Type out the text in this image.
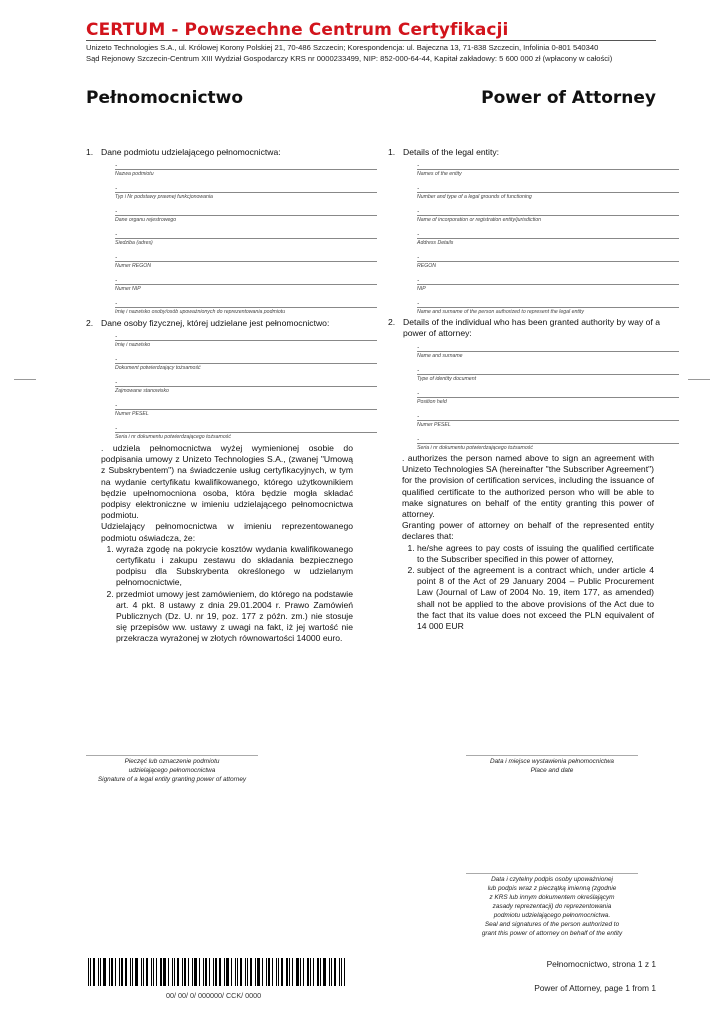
CERTUM - Powszechne Centrum Certyfikacji
Unizeto Technologies S.A., ul. Królowej Korony Polskiej 21, 70-486 Szczecin; Korespondencja: ul. Bajeczna 13, 71-838 Szczecin, Infolinia 0-801 540340
Sąd Rejonowy Szczecin-Centrum XIII Wydział Gospodarczy KRS nr 0000233499, NIP: 852-000-64-44, Kapitał zakładowy: 5 600 000 zł (wpłacony w całości)
Pełnomocnictwo	Power of Attorney
1. Dane podmiotu udzielającego pełnomocnictwa:
.
Nazwa podmiotu
.
Typ i Nr podstawy prawnej funkcjonowania
.
Dane organu rejestrowego
.
Siedziba (adres)
.
Numer REGON
.
Numer NIP
.
Imię i nazwisko osoby/osób upoważnionych do reprezentowania podmiotu
2. Dane osoby fizycznej, której udzielane jest pełnomocnictwo:
.
Imię i nazwisko
.
Dokument potwierdzający tożsamość
.
Zajmowane stanowisko
.
Numer PESEL
.
Seria i nr dokumentu potwierdzającego tożsamość
1. Details of the legal entity:
.
Names of the entity
.
Number and type of a legal grounds of functioning
.
Name of incorporation or registration entity/jurisdiction
.
Address Details
.
REGON
.
NIP
.
Name and surname of the person authorized to represent the legal entity
2. Details of the individual who has been granted authority by way of a power of attorney:
.
Name and surname
.
Type of identity document
.
Position held
.
Numer PESEL
.
Seria i nr dokumentu potwierdzającego tożsamość

. udziela pełnomocnictwa wyżej wymienionej osobie do podpisania umowy z Unizeto Technologies S.A., (zwanej "Umową z Subskrybentem") na świadczenie usług certyfikacyjnych, w tym na wydanie certyfikatu kwalifikowanego, którego użytkownikiem będzie upełnomocniona osoba, która będzie mogła składać podpisy elektroniczne w imieniu udzielającego pełnomocnictwa podmiotu.

Udzielający pełnomocnictwa w imieniu reprezentowanego podmiotu oświadcza, że:

1. wyraża zgodę na pokrycie kosztów wydania kwalifikowanego certyfikatu i zakupu zestawu do składania bezpiecznego podpisu dla Subskrybenta określonego w udzielanym pełnomocnictwie,
2. przedmiot umowy jest zamówieniem, do którego na podstawie art. 4 pkt. 8 ustawy z dnia 29.01.2004 r. Prawo Zamówień Publicznych (Dz. U. nr 19, poz. 177 z późn. zm.) nie stosuje się przepisów ww. ustawy z uwagi na fakt, iż jej wartość nie przekracza wyrażonej w złotych równowartości 14000 euro.

. authorizes the person named above to sign an agreement with Unizeto Technologies SA (hereinafter "the Subscriber Agreement") for the provision of certification services, including the issuance of qualified certificate to the authorized person who will be able to make signatures on behalf of the entity granting this power of attorney.

Granting power of attorney on behalf of the represented entity declares that:

1. he/she agrees to pay costs of issuing the qualified certificate to the Subscriber specified in this power of attorney,
2. subject of the agreement is a contract which, under article 4 point 8 of the Act of 29 January 2004 – Public Procurement Law (Journal of Law of 2004 No. 19, item 177, as amended) shall not be applied to the above provisions of the Act due to the fact that its value does not exceed the PLN equivalent of 14 000 EUR
Pieczęć lub oznaczenie podmiotu
udzielającego pełnomocnictwa
Signature of a legal entity granting power of attorney
Data i miejsce wystawienia pełnomocnictwa
Place and date
Data i czytelny podpis osoby upoważnionej
lub podpis wraz z pieczątką imienną (zgodnie
z KRS lub innym dokumentem określającym
zasady reprezentacji) do reprezentowania
podmiotu udzielającego pełnomocnictwa.
Seal and signatures of the person authorized to
grant this power of attorney on behalf of the entity
00/ 00/ 0/ 000000/ CCK/ 0000
Pełnomocnictwo, strona 1 z 1
Power of Attorney, page 1 from 1
